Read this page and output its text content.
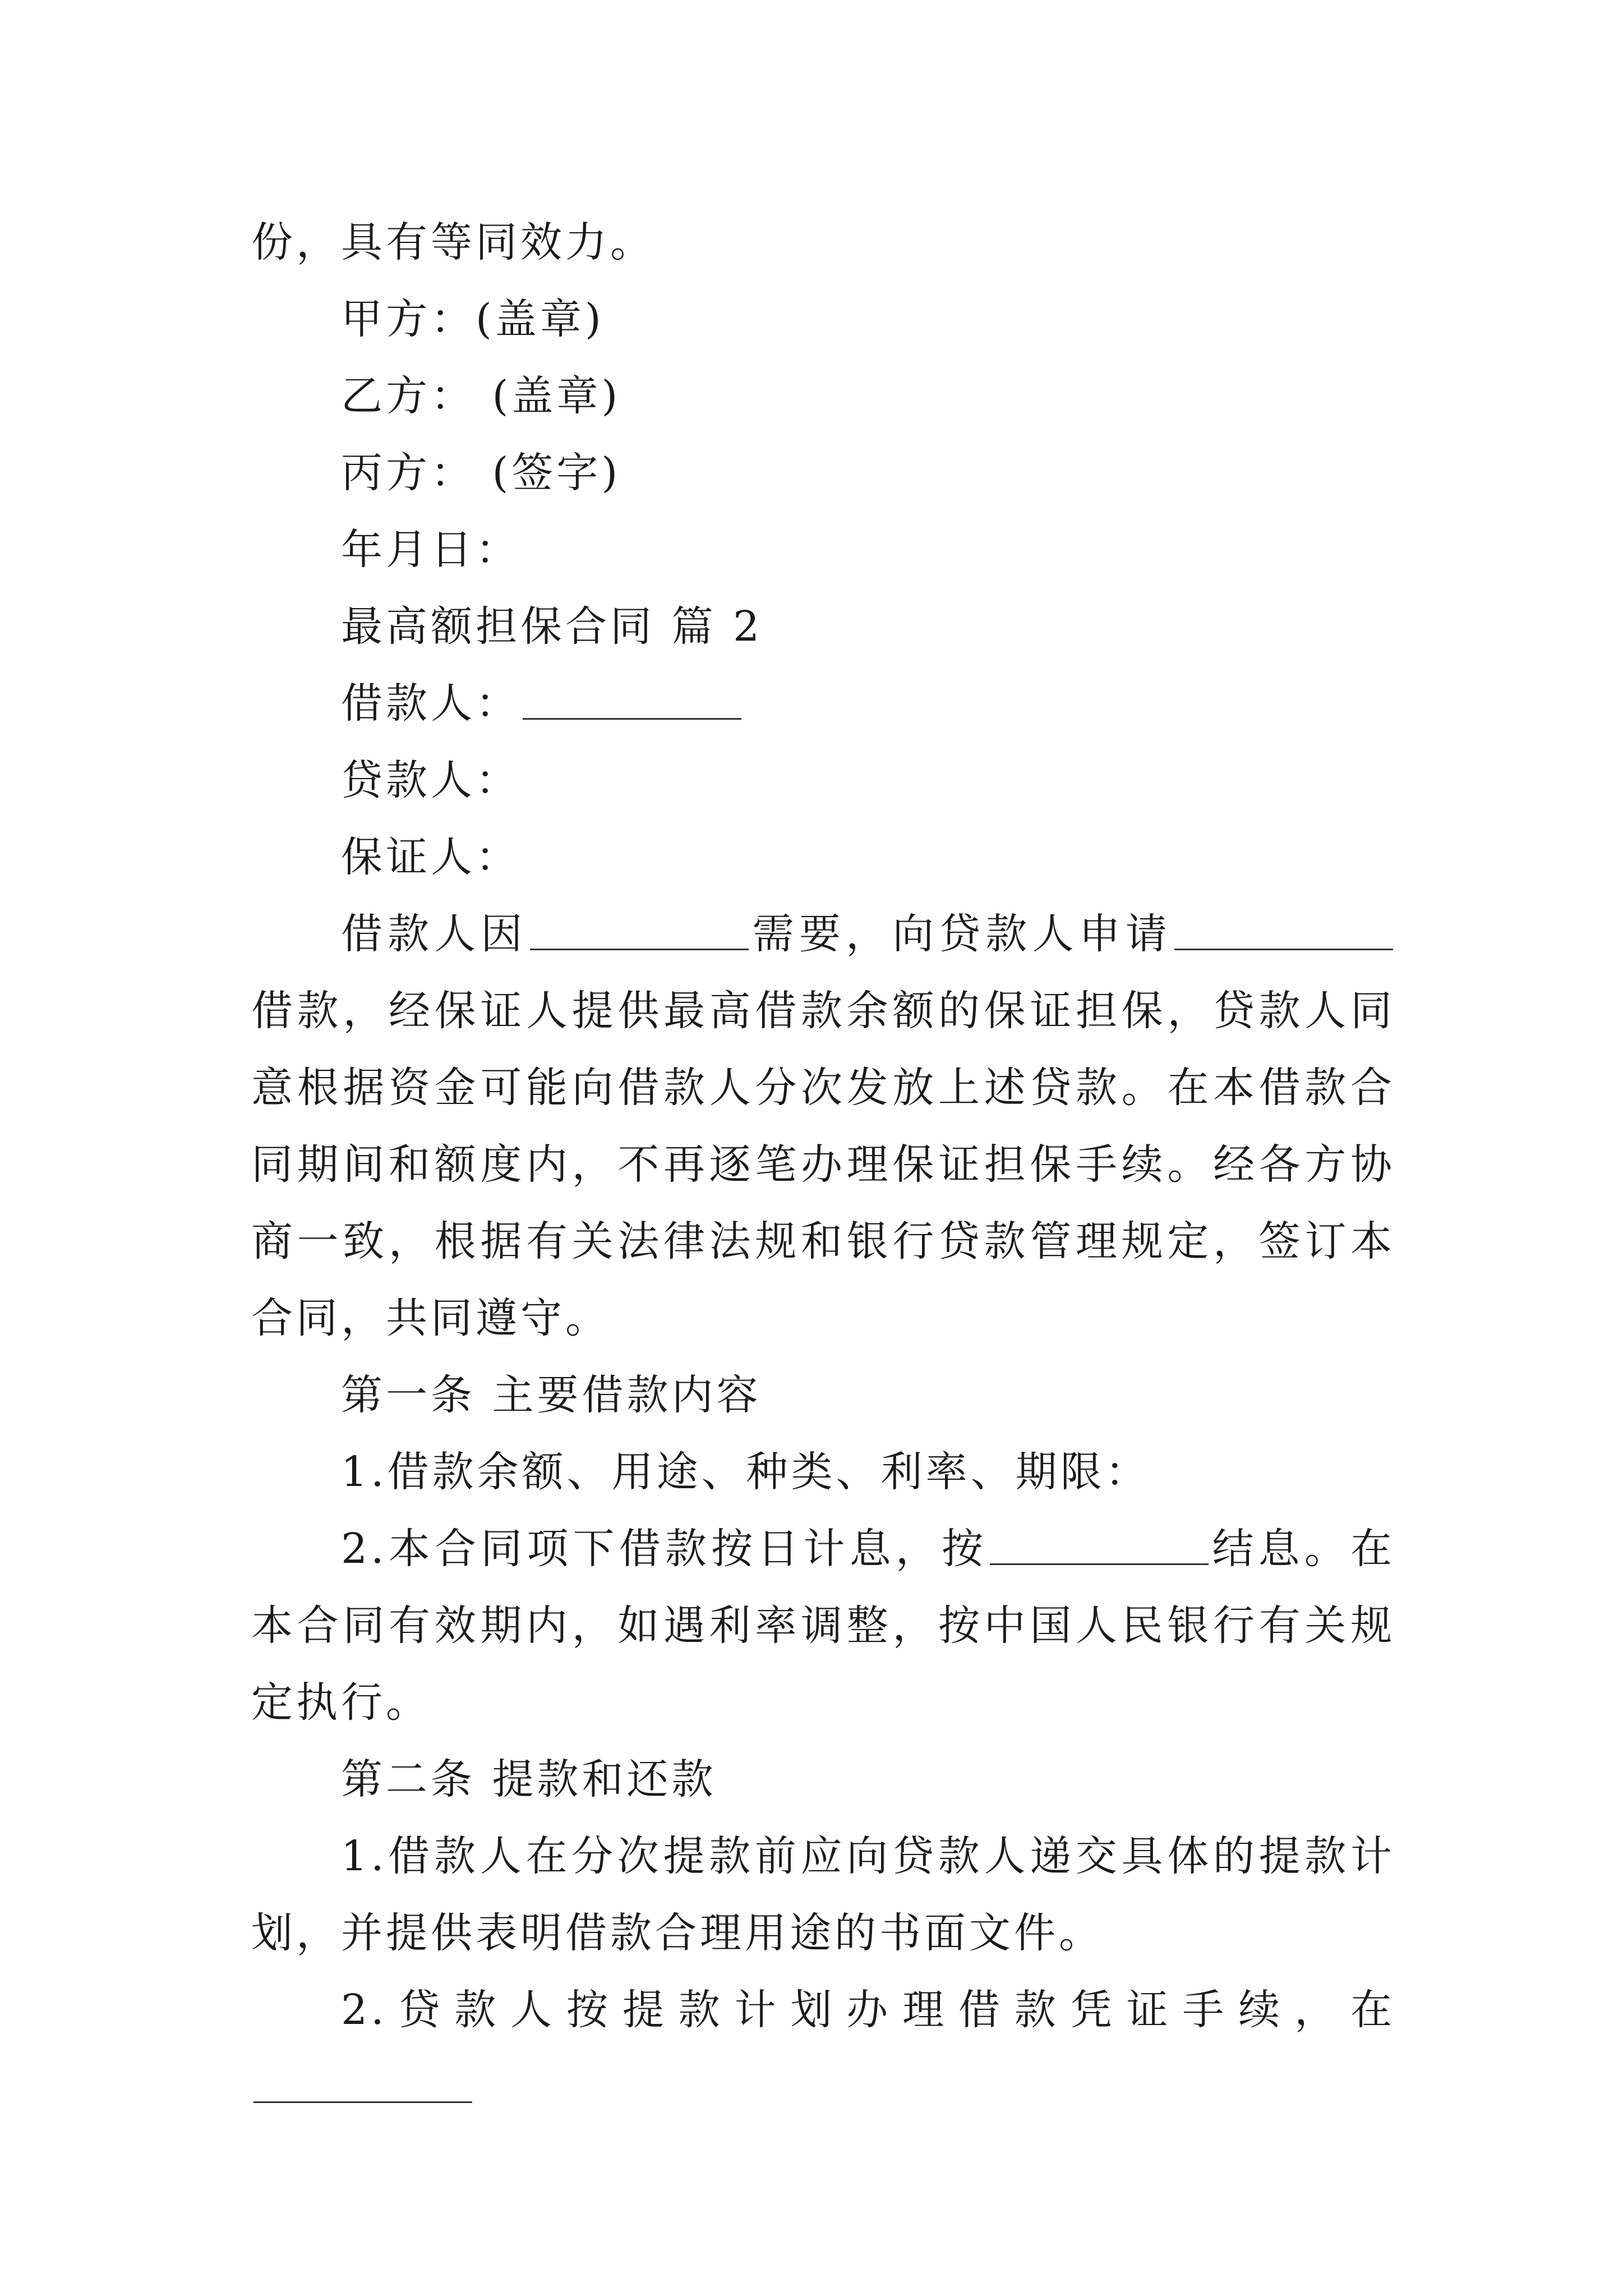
份，具有等同效力。

甲方：(盖章)

乙方： (盖章)

丙方： (签字)

年月日：

最高额担保合同 篇 2

借款人：

贷款人：

保证人：

借款人因	需要，向贷款人申请借款，经保证人提供最高借款余额的保证担保，贷款人同意根据资金可能向借款人分次发放上述贷款。在本借款合同期间和额度内，不再逐笔办理保证担保手续。经各方协商一致，根据有关法律法规和银行贷款管理规定，签订本合同，共同遵守。

第一条 主要借款内容

1.借款余额、用途、种类、利率、期限：

2.本合同项下借款按日计息，按	结息。在本合同有效期内，如遇利率调整，按中国人民银行有关规定执行。

第二条 提款和还款

1.借款人在分次提款前应向贷款人递交具体的提款计划，并提供表明借款合理用途的书面文件。

2.贷款人按提款计划办理借款凭证手续，在
